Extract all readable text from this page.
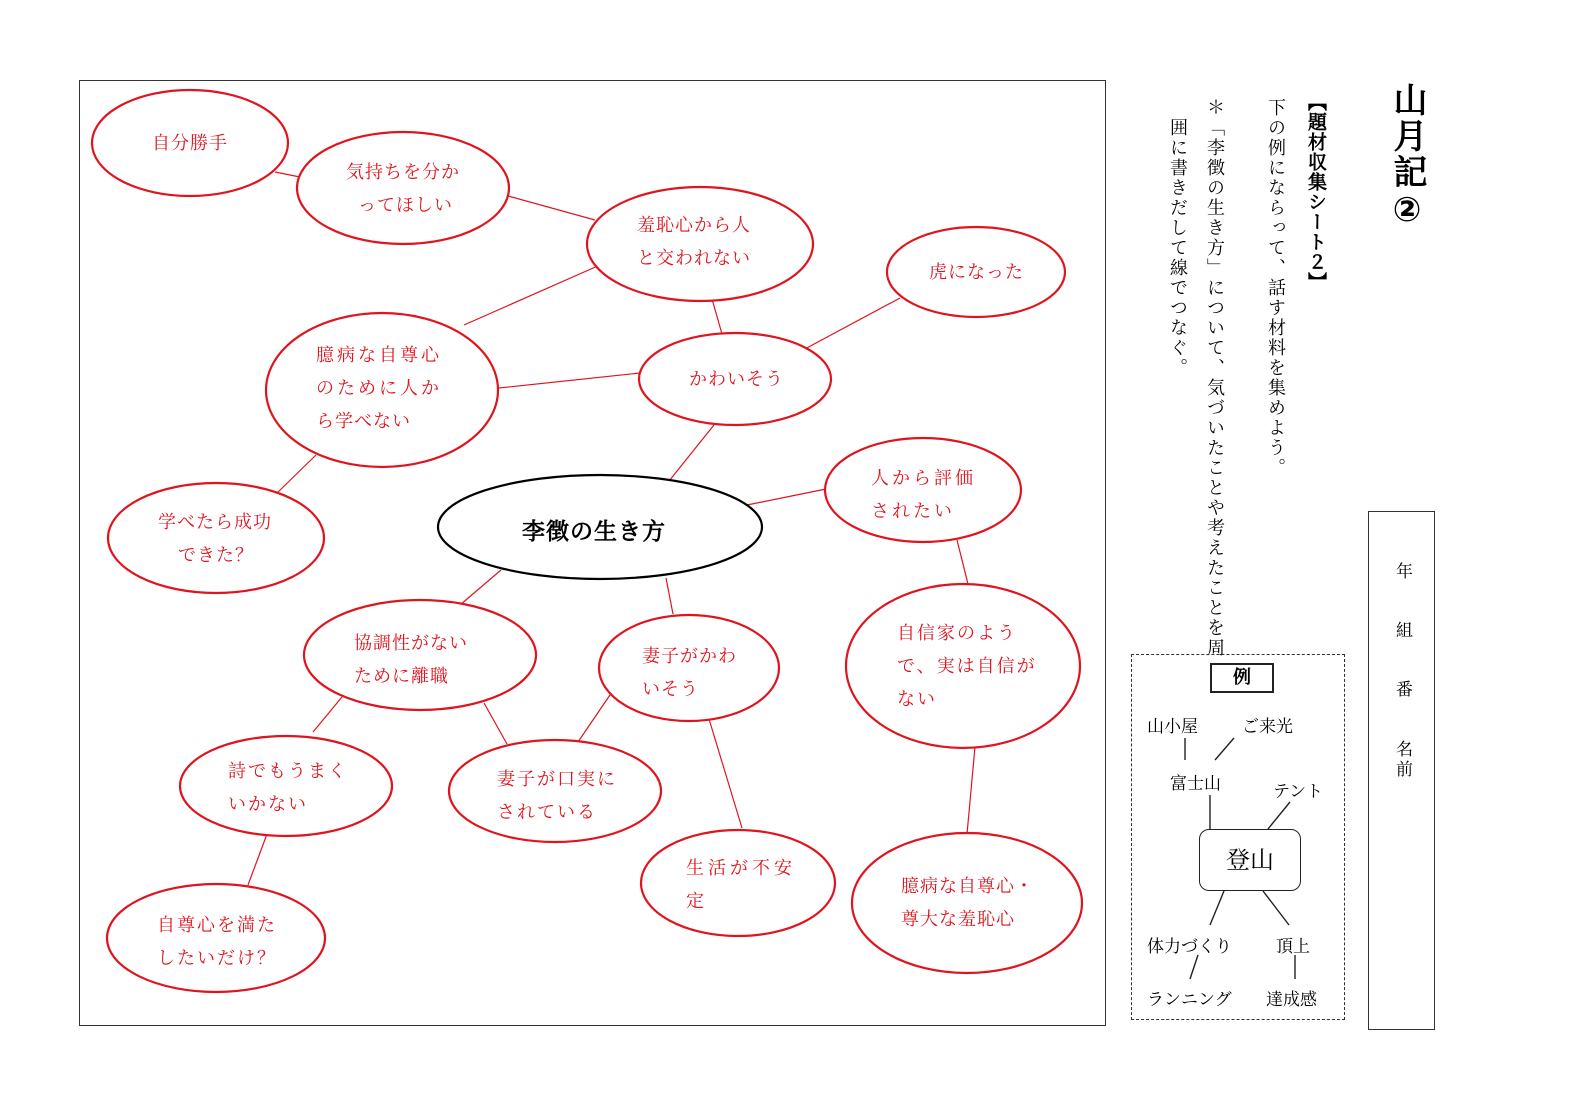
李徴の生き方
自分勝手
気持ちを分か
ってほしい
羞恥心から人
と交われない
虎になった
臆病な自尊心
のために人か
ら学べない
かわいそう
学べたら成功
できた？
人から評価
されたい
協調性がない
ために離職
妻子がかわ
いそう
自信家のよう
で、実は自信が
ない
詩でもうまく
いかない
妻子が口実に
されている
生活が不安
定
自尊心を満た
したいだけ？
臆病な自尊心・
尊大な羞恥心
山月記②
【題材収集シート２】
下の例にならって、話す材料を集めよう。
＊「李徴の生き方」について、気づいたことや考えたことを周
囲に書きだして線でつなぐ。
年
組
番
名
前
例
登山
山小屋	ご来光
富士山	テント
体力づくり	頂上
ランニング 達成感
